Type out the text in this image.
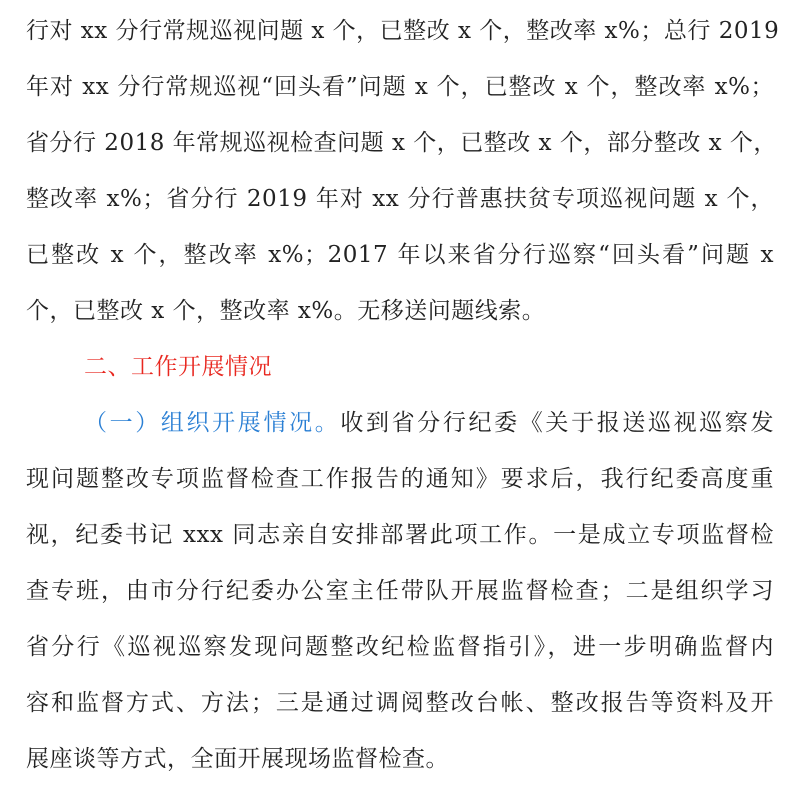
行对 xx 分行常规巡视问题 x 个，已整改 x 个，整改率 x%；总行 2019
年对 xx 分行常规巡视“回头看”问题 x 个，已整改 x 个，整改率 x%；
省分行 2018 年常规巡视检查问题 x 个，已整改 x 个，部分整改 x 个，
整改率 x%；省分行 2019 年对 xx 分行普惠扶贫专项巡视问题 x 个，
已整改 x 个，整改率 x%；2017 年以来省分行巡察“回头看”问题 x
个，已整改 x 个，整改率 x%。无移送问题线索。
二、工作开展情况
（一）组织开展情况。收到省分行纪委《关于报送巡视巡察发
现问题整改专项监督检查工作报告的通知》要求后，我行纪委高度重
视，纪委书记 xxx 同志亲自安排部署此项工作。一是成立专项监督检
查专班，由市分行纪委办公室主任带队开展监督检查；二是组织学习
省分行《巡视巡察发现问题整改纪检监督指引》，进一步明确监督内
容和监督方式、方法；三是通过调阅整改台帐、整改报告等资料及开
展座谈等方式，全面开展现场监督检查。
